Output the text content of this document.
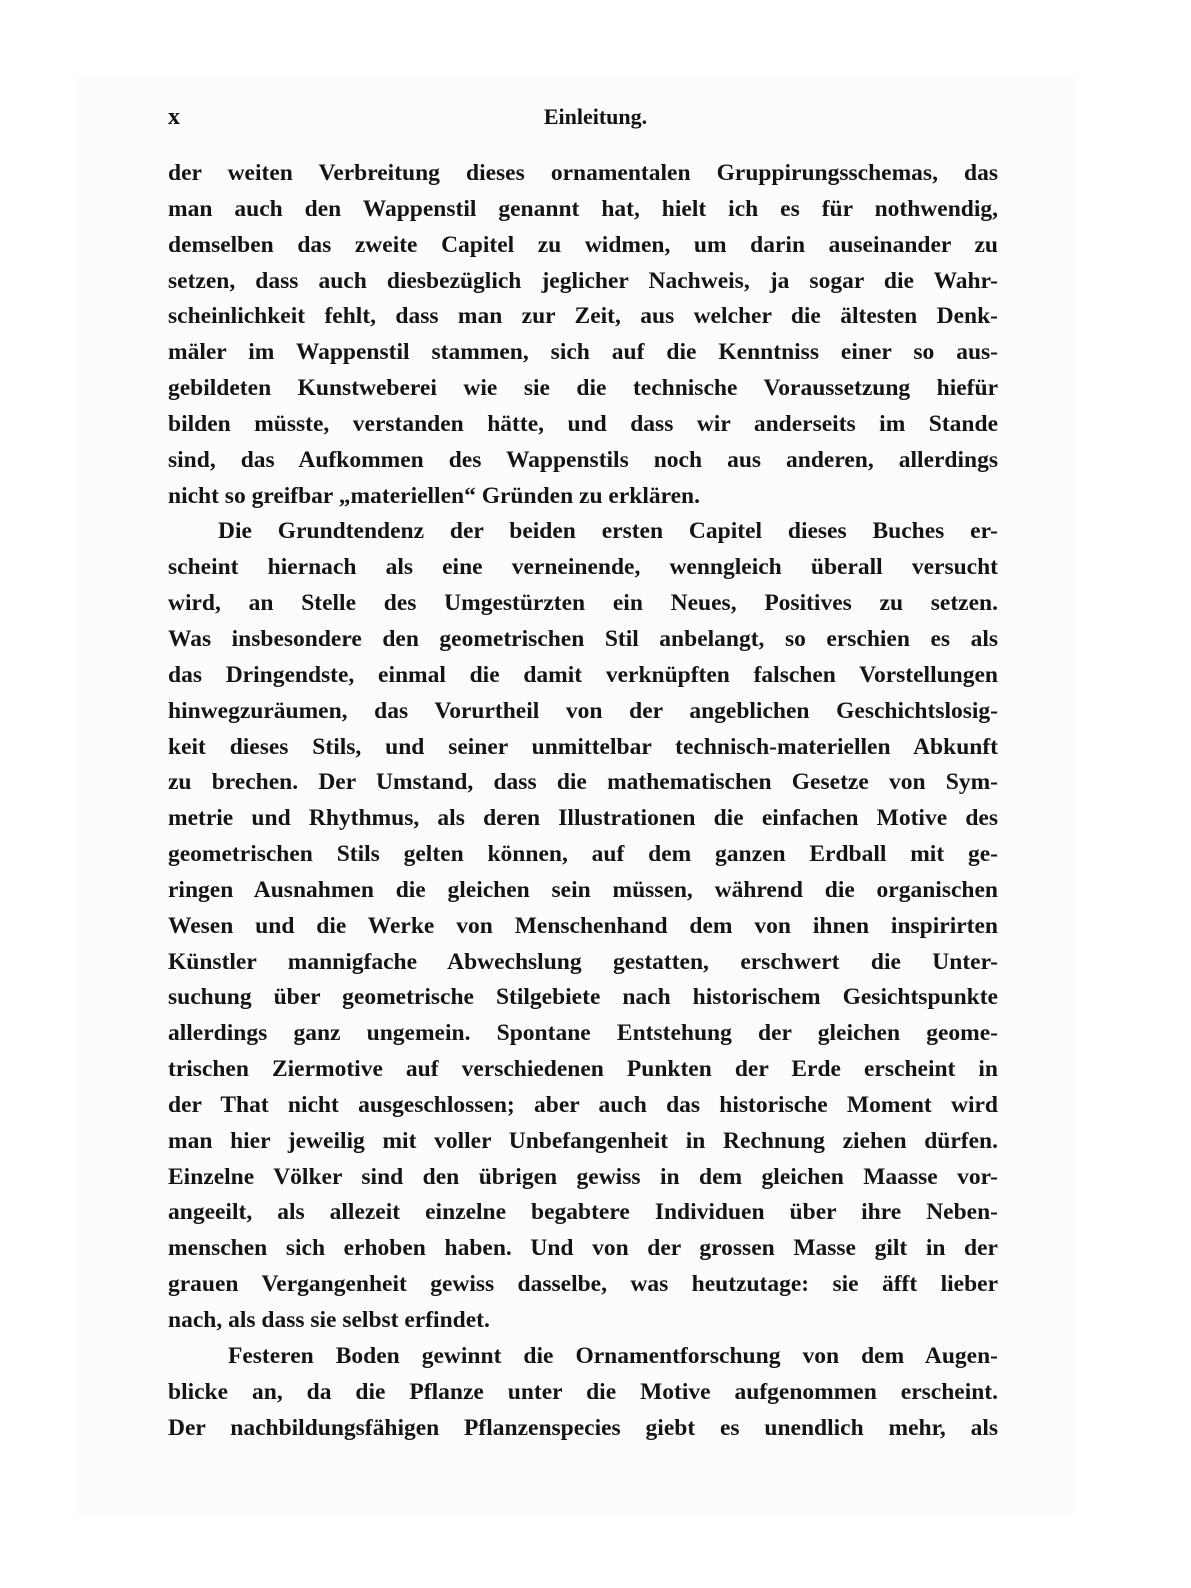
x	Einleitung.
der weiten Verbreitung dieses ornamentalen Gruppirungsschemas, das
man auch den Wappenstil genannt hat, hielt ich es für nothwendig,
demselben das zweite Capitel zu widmen, um darin auseinander zu
setzen, dass auch diesbezüglich jeglicher Nachweis, ja sogar die Wahr-
scheinlichkeit fehlt, dass man zur Zeit, aus welcher die ältesten Denk-
mäler im Wappenstil stammen, sich auf die Kenntniss einer so aus-
gebildeten Kunstweberei wie sie die technische Voraussetzung hiefür
bilden müsste, verstanden hätte, und dass wir anderseits im Stande
sind, das Aufkommen des Wappenstils noch aus anderen, allerdings
nicht so greifbar „materiellen“ Gründen zu erklären.
Die Grundtendenz der beiden ersten Capitel dieses Buches er-
scheint hiernach als eine verneinende, wenngleich überall versucht
wird, an Stelle des Umgestürzten ein Neues, Positives zu setzen.
Was insbesondere den geometrischen Stil anbelangt, so erschien es als
das Dringendste, einmal die damit verknüpften falschen Vorstellungen
hinwegzuräumen, das Vorurtheil von der angeblichen Geschichtslosig-
keit dieses Stils, und seiner unmittelbar technisch-materiellen Abkunft
zu brechen. Der Umstand, dass die mathematischen Gesetze von Sym-
metrie und Rhythmus, als deren Illustrationen die einfachen Motive des
geometrischen Stils gelten können, auf dem ganzen Erdball mit ge-
ringen Ausnahmen die gleichen sein müssen, während die organischen
Wesen und die Werke von Menschenhand dem von ihnen inspirirten
Künstler mannigfache Abwechslung gestatten, erschwert die Unter-
suchung über geometrische Stilgebiete nach historischem Gesichtspunkte
allerdings ganz ungemein. Spontane Entstehung der gleichen geome-
trischen Ziermotive auf verschiedenen Punkten der Erde erscheint in
der That nicht ausgeschlossen; aber auch das historische Moment wird
man hier jeweilig mit voller Unbefangenheit in Rechnung ziehen dürfen.
Einzelne Völker sind den übrigen gewiss in dem gleichen Maasse vor-
angeeilt, als allezeit einzelne begabtere Individuen über ihre Neben-
menschen sich erhoben haben. Und von der grossen Masse gilt in der
grauen Vergangenheit gewiss dasselbe, was heutzutage: sie äfft lieber
nach, als dass sie selbst erfindet.
Festeren Boden gewinnt die Ornamentforschung von dem Augen-
blicke an, da die Pflanze unter die Motive aufgenommen erscheint.
Der nachbildungsfähigen Pflanzenspecies giebt es unendlich mehr, als
